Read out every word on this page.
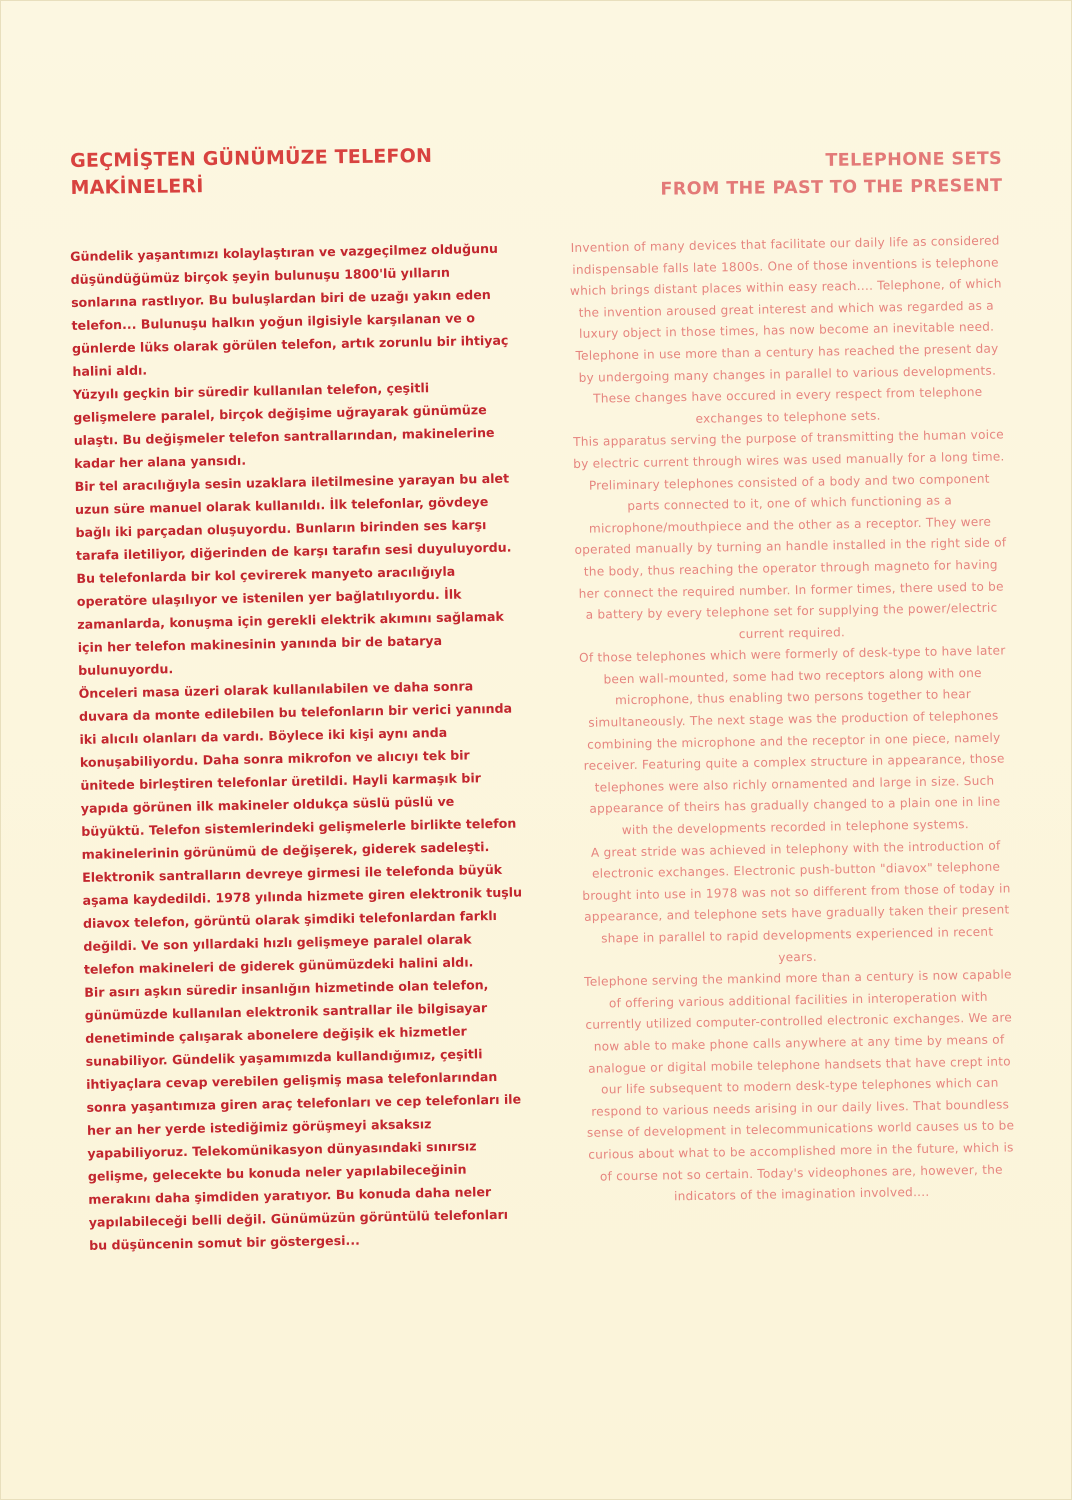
GEÇMİŞTEN GÜNÜMÜZE TELEFON
MAKİNELERİ

Gündelik yaşantımızı kolaylaştıran ve vazgeçilmez olduğunu düşündüğümüz birçok şeyin bulunuşu 1800'lü yılların sonlarına rastlıyor. Bu buluşlardan biri de uzağı yakın eden telefon... Bulunuşu halkın yoğun ilgisiyle karşılanan ve o günlerde lüks olarak görülen telefon, artık zorunlu bir ihtiyaç halini aldı.

Yüzyılı geçkin bir süredir kullanılan telefon, çeşitli gelişmelere paralel, birçok değişime uğrayarak günümüze ulaştı. Bu değişmeler telefon santrallarından, makinelerine kadar her alana yansıdı.

Bir tel aracılığıyla sesin uzaklara iletilmesine yarayan bu alet uzun süre manuel olarak kullanıldı. İlk telefonlar, gövdeye bağlı iki parçadan oluşuyordu. Bunların birinden ses karşı tarafa iletiliyor, diğerinden de karşı tarafın sesi duyuluyordu. Bu telefonlarda bir kol çevirerek manyeto aracılığıyla operatöre ulaşılıyor ve istenilen yer bağlatılıyordu. İlk zamanlarda, konuşma için gerekli elektrik akımını sağlamak için her telefon makinesinin yanında bir de batarya bulunuyordu.

Önceleri masa üzeri olarak kullanılabilen ve daha sonra duvara da monte edilebilen bu telefonların bir verici yanında iki alıcılı olanları da vardı. Böylece iki kişi aynı anda konuşabiliyordu. Daha sonra mikrofon ve alıcıyı tek bir ünitede birleştiren telefonlar üretildi. Hayli karmaşık bir yapıda görünen ilk makineler oldukça süslü püslü ve büyüktü. Telefon sistemlerindeki gelişmelerle birlikte telefon makinelerinin görünümü de değişerek, giderek sadeleşti.

Elektronik santralların devreye girmesi ile telefonda büyük aşama kaydedildi. 1978 yılında hizmete giren elektronik tuşlu diavox telefon, görüntü olarak şimdiki telefonlardan farklı değildi. Ve son yıllardaki hızlı gelişmeye paralel olarak telefon makineleri de giderek günümüzdeki halini aldı.

Bir asırı aşkın süredir insanlığın hizmetinde olan telefon, günümüzde kullanılan elektronik santrallar ile bilgisayar denetiminde çalışarak abonelere değişik ek hizmetler sunabiliyor. Gündelik yaşamımızda kullandığımız, çeşitli ihtiyaçlara cevap verebilen gelişmiş masa telefonlarından sonra yaşantımıza giren araç telefonları ve cep telefonları ile her an her yerde istediğimiz görüşmeyi aksaksız yapabiliyoruz. Telekomünikasyon dünyasındaki sınırsız gelişme, gelecekte bu konuda neler yapılabileceğinin merakını daha şimdiden yaratıyor. Bu konuda daha neler yapılabileceği belli değil. Günümüzün görüntülü telefonları bu düşüncenin somut bir göstergesi...

TELEPHONE SETS
FROM THE PAST TO THE PRESENT

Invention of many devices that facilitate our daily life as considered indispensable falls late 1800s. One of those inventions is telephone which brings distant places within easy reach.... Telephone, of which the invention aroused great interest and which was regarded as a luxury object in those times, has now become an inevitable need.

Telephone in use more than a century has reached the present day by undergoing many changes in parallel to various developments. These changes have occured in every respect from telephone exchanges to telephone sets.

This apparatus serving the purpose of transmitting the human voice by electric current through wires was used manually for a long time. Preliminary telephones consisted of a body and two component parts connected to it, one of which functioning as a microphone/mouthpiece and the other as a receptor. They were operated manually by turning an handle installed in the right side of the body, thus reaching the operator through magneto for having her connect the required number. In former times, there used to be a battery by every telephone set for supplying the power/electric current required.

Of those telephones which were formerly of desk-type to have later been wall-mounted, some had two receptors along with one microphone, thus enabling two persons together to hear simultaneously. The next stage was the production of telephones combining the microphone and the receptor in one piece, namely receiver. Featuring quite a complex structure in appearance, those telephones were also richly ornamented and large in size. Such appearance of theirs has gradually changed to a plain one in line with the developments recorded in telephone systems.

A great stride was achieved in telephony with the introduction of electronic exchanges. Electronic push-button "diavox" telephone brought into use in 1978 was not so different from those of today in appearance, and telephone sets have gradually taken their present shape in parallel to rapid developments experienced in recent years.

Telephone serving the mankind more than a century is now capable of offering various additional facilities in interoperation with currently utilized computer-controlled electronic exchanges. We are now able to make phone calls anywhere at any time by means of analogue or digital mobile telephone handsets that have crept into our life subsequent to modern desk-type telephones which can respond to various needs arising in our daily lives. That boundless sense of development in telecommunications world causes us to be curious about what to be accomplished more in the future, which is of course not so certain. Today's videophones are, however, the indicators of the imagination involved....
